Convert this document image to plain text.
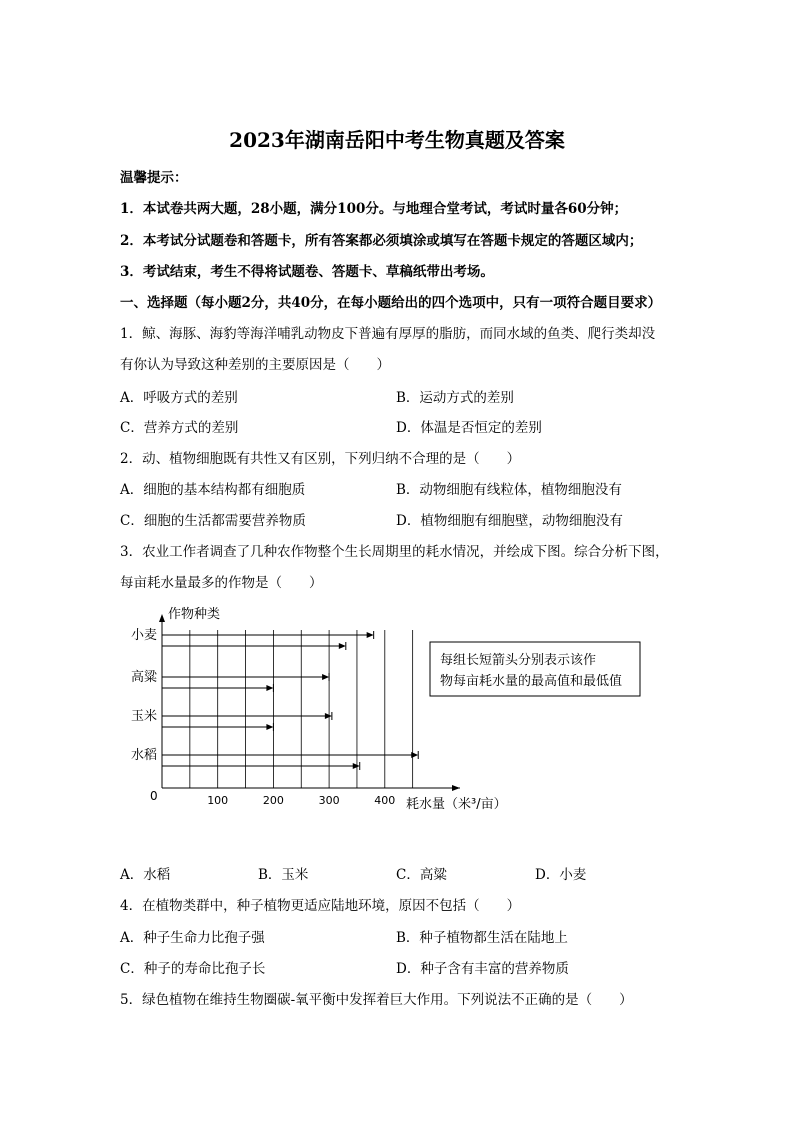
2023年湖南岳阳中考生物真题及答案
温馨提示：
1．本试卷共两大题，28小题，满分100分。与地理合堂考试，考试时量各60分钟；
2．本考试分试题卷和答题卡，所有答案都必须填涂或填写在答题卡规定的答题区域内；
3．考试结束，考生不得将试题卷、答题卡、草稿纸带出考场。
一、选择题（每小题2分，共40分，在每小题给出的四个选项中，只有一项符合题目要求）
1．鲸、海豚、海豹等海洋哺乳动物皮下普遍有厚厚的脂肪，而同水域的鱼类、爬行类却没
有你认为导致这种差别的主要原因是（　　）
A．呼吸方式的差别	B．运动方式的差别
C．营养方式的差别	D．体温是否恒定的差别
2．动、植物细胞既有共性又有区别，下列归纳不合理的是（　　）
A．细胞的基本结构都有细胞质	B．动物细胞有线粒体，植物细胞没有
C．细胞的生活都需要营养物质	D．植物细胞有细胞壁，动物细胞没有
3．农业工作者调查了几种农作物整个生长周期里的耗水情况，并绘成下图。综合分析下图，
每亩耗水量最多的作物是（　　）
作物种类
耗水量（米³/亩）
0	100	200	300	400
小麦
高粱
玉米
水稻
每组长短箭头分别表示该作
物每亩耗水量的最高值和最低值
A．水稻	B．玉米	C．高粱	D．小麦
4．在植物类群中，种子植物更适应陆地环境，原因不包括（　　）
A．种子生命力比孢子强	B．种子植物都生活在陆地上
C．种子的寿命比孢子长	D．种子含有丰富的营养物质
5．绿色植物在维持生物圈碳-氧平衡中发挥着巨大作用。下列说法不正确的是（　　）
